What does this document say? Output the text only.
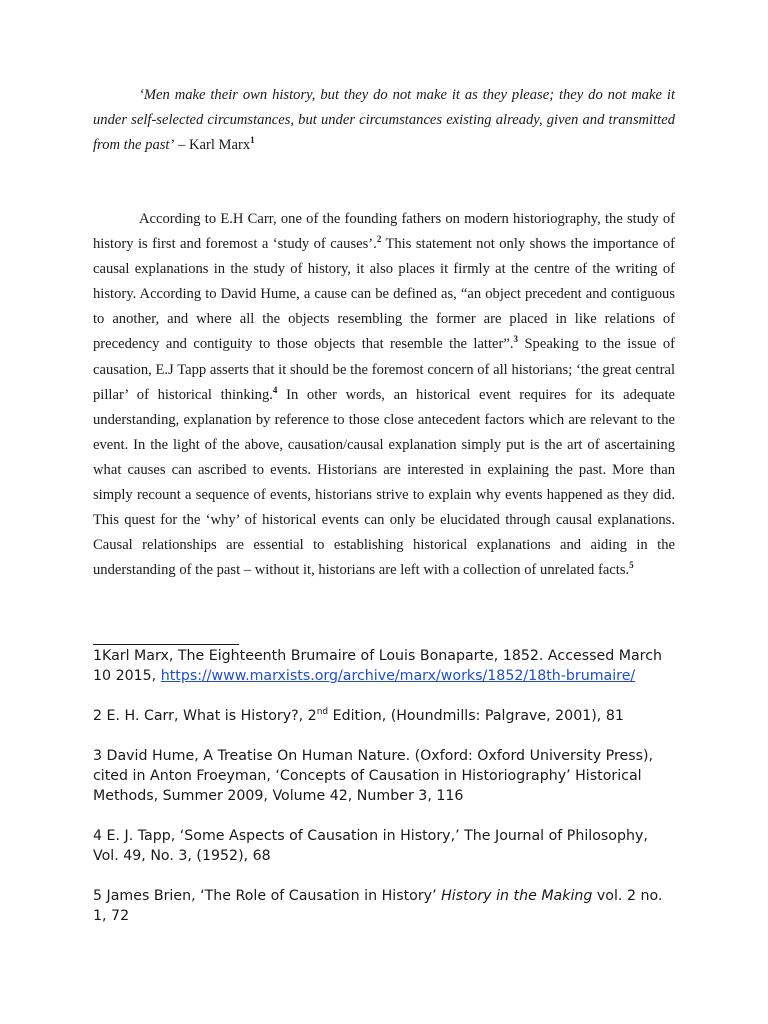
‘Men make their own history, but they do not make it as they please; they do not make it under self-selected circumstances, but under circumstances existing already, given and transmitted from the past’ – Karl Marx$^1$

According to E.H Carr, one of the founding fathers on modern historiography, the study of history is first and foremost a ‘study of causes’.$^2$ This statement not only shows the importance of causal explanations in the study of history, it also places it firmly at the centre of the writing of history. According to David Hume, a cause can be defined as, “an object precedent and contiguous to another, and where all the objects resembling the former are placed in like relations of precedency and contiguity to those objects that resemble the latter”.$^3$ Speaking to the issue of causation, E.J Tapp asserts that it should be the foremost concern of all historians; ‘the great central pillar’ of historical thinking.$^4$ In other words, an historical event requires for its adequate understanding, explanation by reference to those close antecedent factors which are relevant to the event. In the light of the above, causation/causal explanation simply put is the art of ascertaining what causes can ascribed to events. Historians are interested in explaining the past. More than simply recount a sequence of events, historians strive to explain why events happened as they did. This quest for the ‘why’ of historical events can only be elucidated through causal explanations. Causal relationships are essential to establishing historical explanations and aiding in the understanding of the past – without it, historians are left with a collection of unrelated facts.$^5$

1Karl Marx, The Eighteenth Brumaire of Louis Bonaparte, 1852. Accessed March 10 2015, https://www.marxists.org/archive/marx/works/1852/18th-brumaire/

2 E. H. Carr, What is History?, 2nd Edition, (Houndmills: Palgrave, 2001), 81

3 David Hume, A Treatise On Human Nature. (Oxford: Oxford University Press), cited in Anton Froeyman, ‘Concepts of Causation in Historiography’ Historical Methods, Summer 2009, Volume 42, Number 3, 116

4 E. J. Tapp, ‘Some Aspects of Causation in History,’ The Journal of Philosophy, Vol. 49, No. 3, (1952), 68

5 James Brien, ‘The Role of Causation in History’ History in the Making vol. 2 no. 1, 72
